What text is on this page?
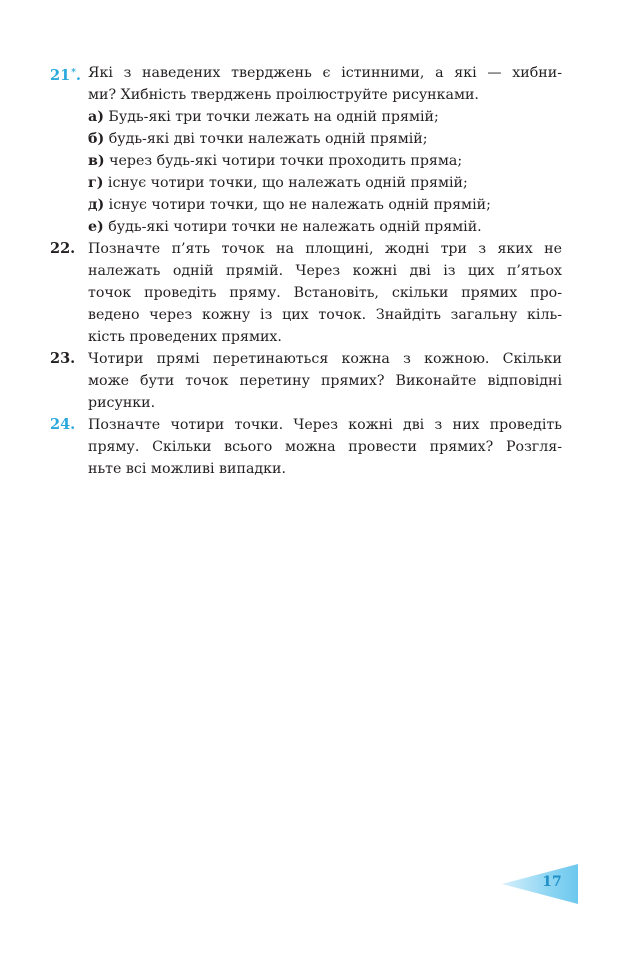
21*. Які з наведених тверджень є істинними, а які — хибни-
ми? Хибність тверджень проілюструйте рисунками.
а) Будь-які три точки лежать на одній прямій;
б) будь-які дві точки належать одній прямій;
в) через будь-які чотири точки проходить пряма;
г) існує чотири точки, що належать одній прямій;
д) існує чотири точки, що не належать одній прямій;
е) будь-які чотири точки не належать одній прямій.
22. Позначте п’ять точок на площині, жодні три з яких не
належать одній прямій. Через кожні дві із цих п’ятьох
точок проведіть пряму. Встановіть, скільки прямих про-
ведено через кожну із цих точок. Знайдіть загальну кіль-
кість проведених прямих.
23. Чотири прямі перетинаються кожна з кожною. Скільки
може бути точок перетину прямих? Виконайте відповідні
рисунки.
24. Позначте чотири точки. Через кожні дві з них проведіть
пряму. Скільки всього можна провести прямих? Розгля-
ньте всі можливі випадки.
17
